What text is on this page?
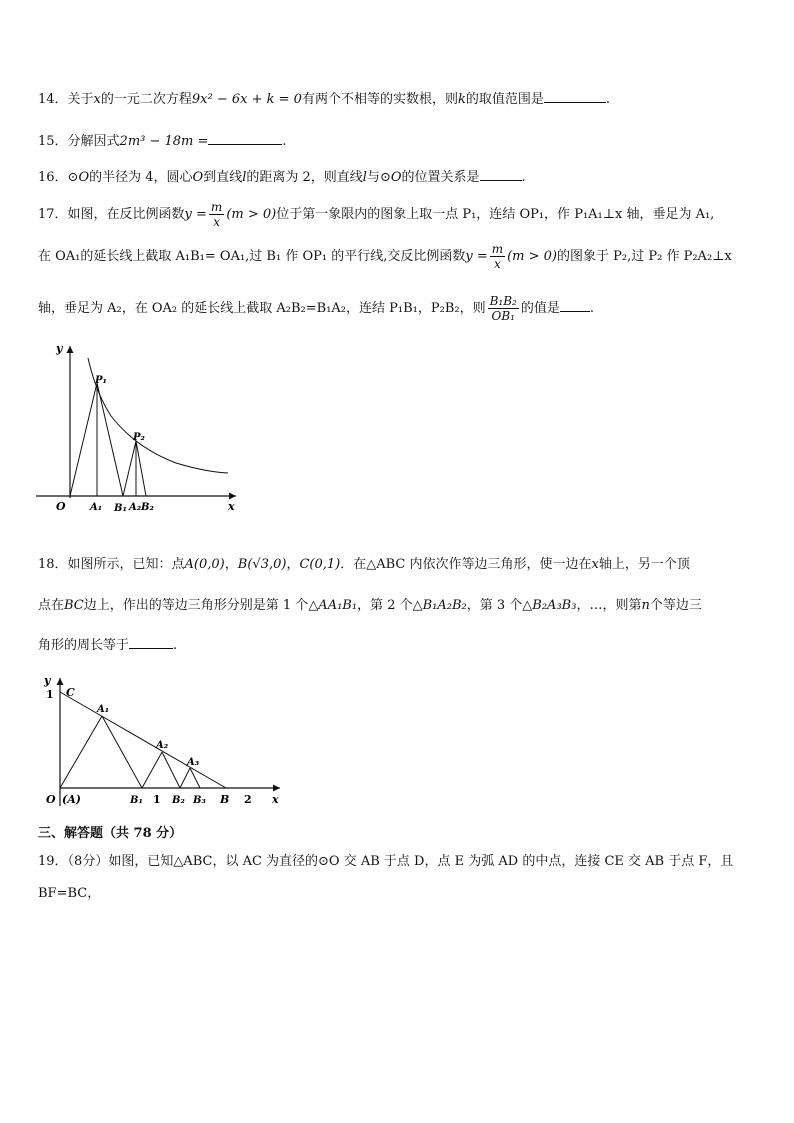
14．关于x的一元二次方程9x² − 6x + k = 0有两个不相等的实数根，则k的取值范围是	.
15．分解因式2m³ − 18m =	.
16．⊙O的半径为 4，圆心O到直线l的距离为 2，则直线l与⊙O的位置关系是	.
17．如图，在反比例函数$y = \frac{m}{x} (m > 0)$位于第一象限内的图象上取一点 P₁，连结 OP₁，作 P₁A₁⊥x 轴，垂足为 A₁,
在 OA₁的延长线上截取 A₁B₁= OA₁,过 B₁ 作 OP₁ 的平行线,交反比例函数$y = \frac{m}{x} (m > 0)$的图象于 P₂,过 P₂ 作 P₂A₂⊥x
轴，垂足为 A₂，在 OA₂ 的延长线上截取 A₂B₂=B₁A₂，连结 P₁B₁，P₂B₂，则 $\frac{\text{B₁B₂}}{\text{OB₁}}$ 的值是 .
y
x
O
P₁
P₂
A₁ B₁ A₂ B₂
18．如图所示，已知：点A(0,0)，B(√3,0)，C(0,1)．在△ABC 内依次作等边三角形，使一边在x轴上，另一个顶
点在BC边上，作出的等边三角形分别是第 1 个△AA₁B₁，第 2 个△B₁A₂B₂，第 3 个△B₂A₃B₃，…，则第n个等边三
角形的周长等于	.
y
1 C
A₁
A₂
A₃
O (A)	B₁ 1 B₂ B₃ B 2 x
三、解答题（共 78 分）
19．（8分）如图，已知△ABC，以 AC 为直径的⊙O 交 AB 于点 D，点 E 为弧 AD 的中点，连接 CE 交 AB 于点 F，且
BF=BC，
